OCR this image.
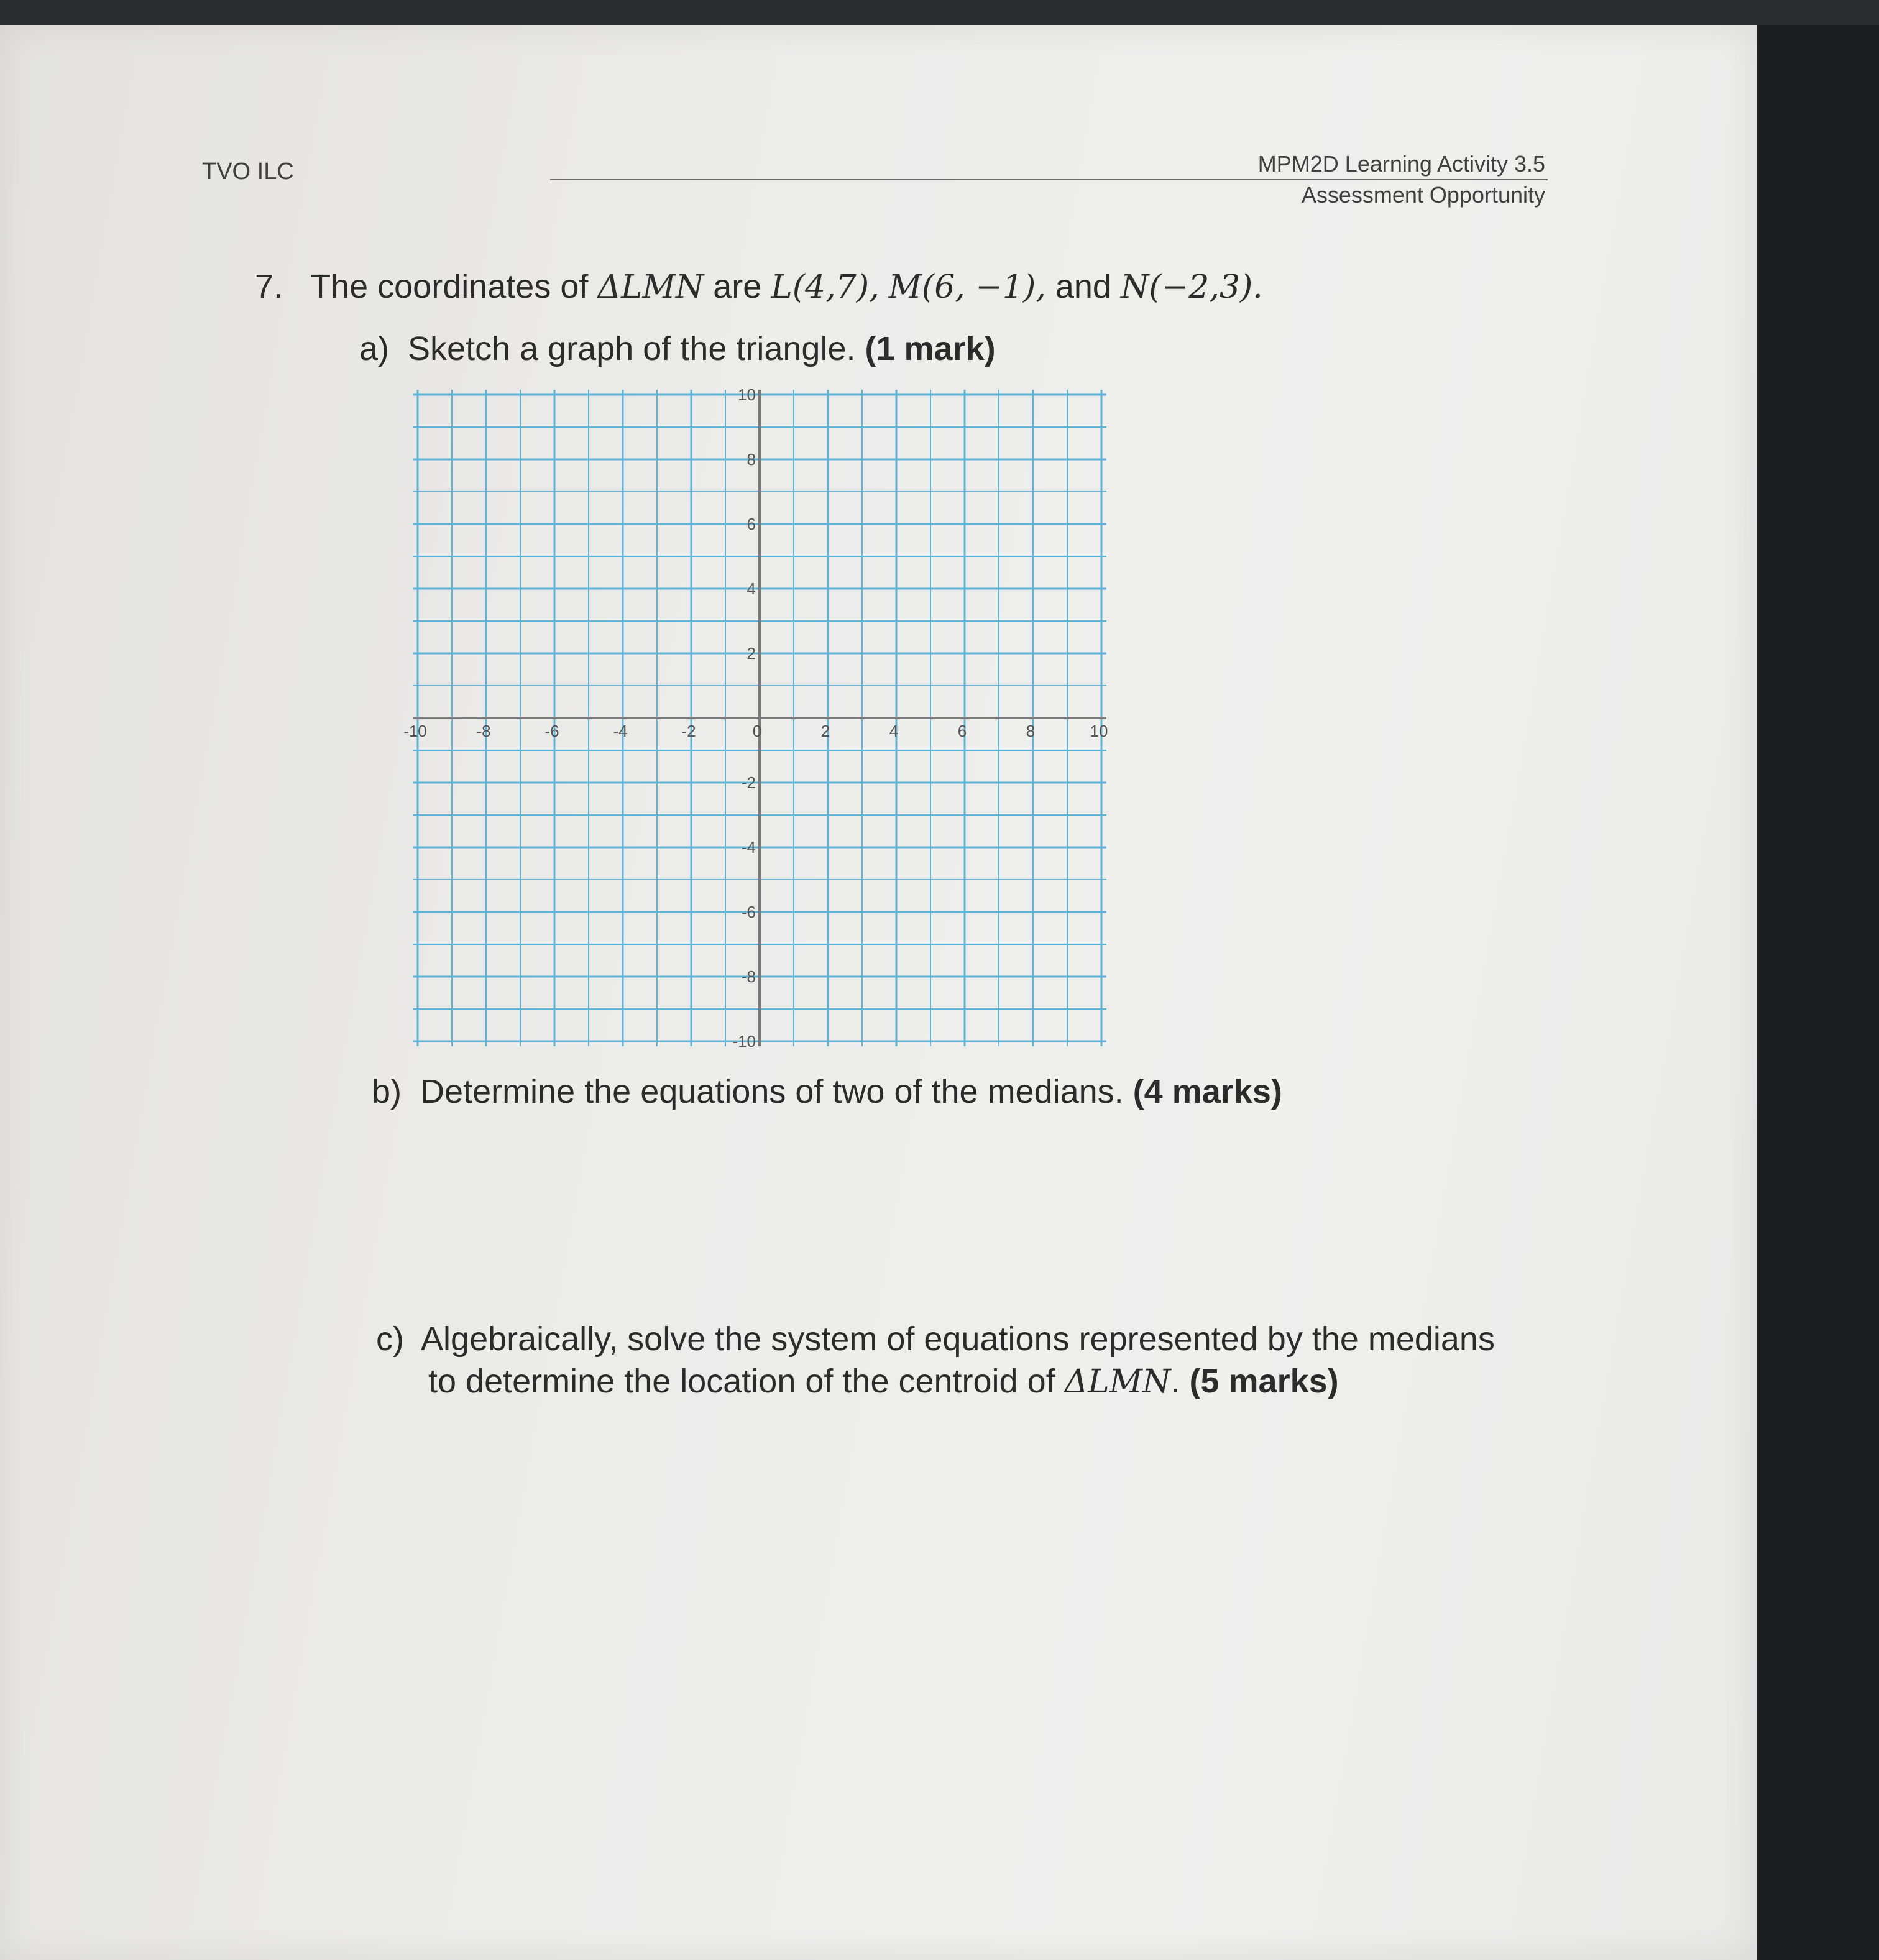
TVO ILC	MPM2D Learning Activity 3.5
Assessment Opportunity
7. The coordinates of ΔLMN are L(4,7), M(6, −1), and N(−2,3).
a) Sketch a graph of the triangle. (1 mark)
-10	-8	-6	-4	-2	0	2	4	6	8	10
10
8
6
4
2
-2
-4
-6
-8
-10
b) Determine the equations of two of the medians. (4 marks)
c) Algebraically, solve the system of equations represented by the medians
to determine the location of the centroid of ΔLMN. (5 marks)
